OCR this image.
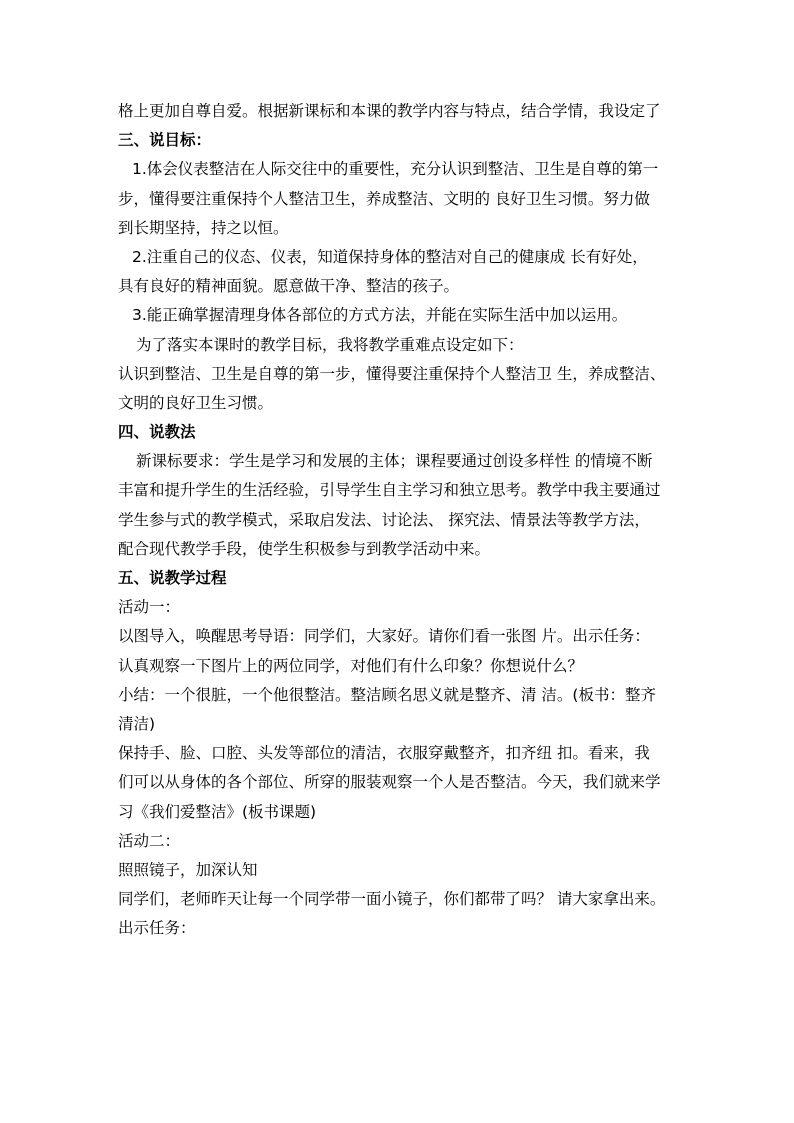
格上更加自尊自爱。根据新课标和本课的教学内容与特点，结合学情，我设定了
三、说目标：
1.体会仪表整洁在人际交往中的重要性，充分认识到整洁、卫生是自尊的第一
步，懂得要注重保持个人整洁卫生，养成整洁、文明的 良好卫生习惯。努力做
到长期坚持，持之以恒。
2.注重自己的仪态、仪表，知道保持身体的整洁对自己的健康成 长有好处，
具有良好的精神面貌。愿意做干净、整洁的孩子。
3.能正确掌握清理身体各部位的方式方法，并能在实际生活中加以运用。
为了落实本课时的教学目标，我将教学重难点设定如下：
认识到整洁、卫生是自尊的第一步，懂得要注重保持个人整洁卫 生，养成整洁、
文明的良好卫生习惯。
四、说教法
新课标要求：学生是学习和发展的主体；课程要通过创设多样性 的情境不断
丰富和提升学生的生活经验，引导学生自主学习和独立思考。教学中我主要通过
学生参与式的教学模式，采取启发法、讨论法、 探究法、情景法等教学方法，
配合现代教学手段，使学生积极参与到教学活动中来。
五、说教学过程
活动一：
以图导入，唤醒思考导语：同学们，大家好。请你们看一张图 片。出示任务：
认真观察一下图片上的两位同学，对他们有什么印象？你想说什么？
小结：一个很脏，一个他很整洁。整洁顾名思义就是整齐、清 洁。(板书：整齐
清洁)
保持手、脸、口腔、头发等部位的清洁，衣服穿戴整齐，扣齐纽 扣。看来，我
们可以从身体的各个部位、所穿的服装观察一个人是否整洁。今天，我们就来学
习《我们爱整洁》(板书课题)
活动二：
照照镜子，加深认知
同学们，老师昨天让每一个同学带一面小镜子，你们都带了吗？ 请大家拿出来。
出示任务：
